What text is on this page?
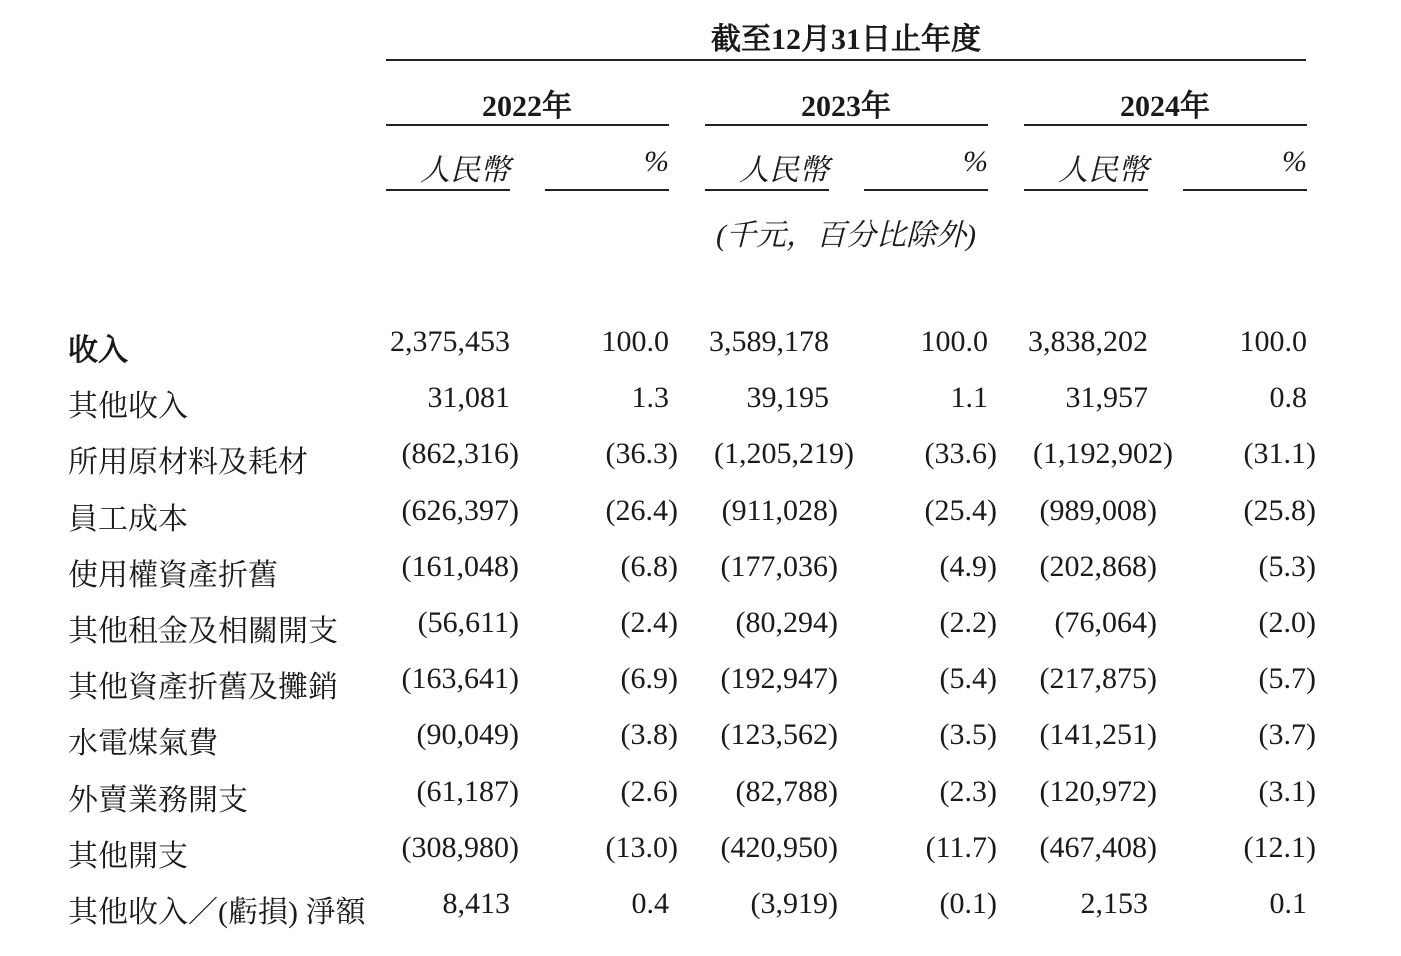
截至12月31日止年度
2022年	2023年	2024年
人民幣	%	人民幣	%	人民幣	%
(千元，百分比除外)
收入	2,375,453	100.0 3,589,178	100.0 3,838,202	100.0
其他收入	31,081	1.3	39,195	1.1	31,957	0.8
所用原材料及耗材	(862,316)	(36.3) (1,205,219)	(33.6) (1,192,902)	(31.1)
員工成本	(626,397)	(26.4) (911,028)	(25.4) (989,008)	(25.8)
使用權資產折舊	(161,048)	(6.8) (177,036)	(4.9) (202,868)	(5.3)
其他租金及相關開支	(56,611)	(2.4)	(80,294)	(2.2)	(76,064)	(2.0)
其他資產折舊及攤銷 (163,641)	(6.9) (192,947)	(5.4) (217,875)	(5.7)
水電煤氣費	(90,049)	(3.8) (123,562)	(3.5) (141,251)	(3.7)
外賣業務開支	(61,187)	(2.6)	(82,788)	(2.3) (120,972)	(3.1)
其他開支	(308,980)	(13.0) (420,950)	(11.7) (467,408)	(12.1)
其他收入／(虧損) 淨額	8,413	0.4	(3,919)	(0.1)	2,153	0.1
